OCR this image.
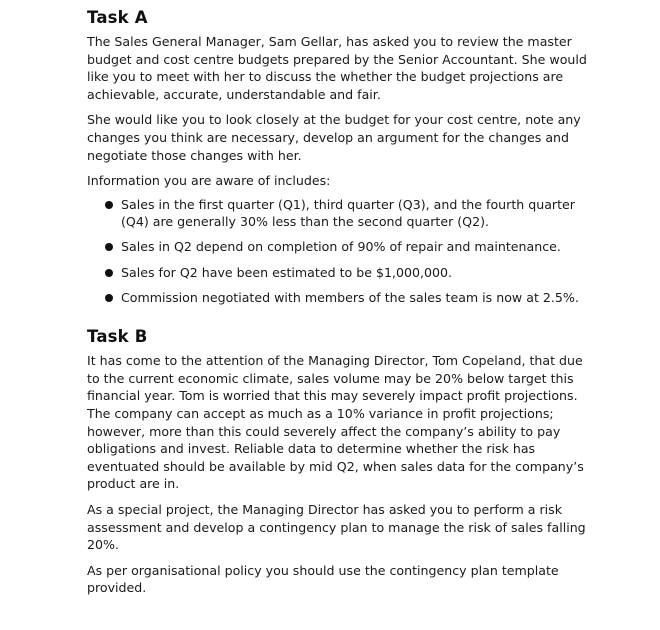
Task A

The Sales General Manager, Sam Gellar, has asked you to review the master budget and cost centre budgets prepared by the Senior Accountant. She would like you to meet with her to discuss the whether the budget projections are achievable, accurate, understandable and fair.

She would like you to look closely at the budget for your cost centre, note any changes you think are necessary, develop an argument for the changes and negotiate those changes with her.

Information you are aware of includes:

Sales in the first quarter (Q1), third quarter (Q3), and the fourth quarter (Q4) are generally 30% less than the second quarter (Q2).
Sales in Q2 depend on completion of 90% of repair and maintenance.
Sales for Q2 have been estimated to be $1,000,000.
Commission negotiated with members of the sales team is now at 2.5%.
Task B

It has come to the attention of the Managing Director, Tom Copeland, that due to the current economic climate, sales volume may be 20% below target this financial year. Tom is worried that this may severely impact profit projections. The company can accept as much as a 10% variance in profit projections; however, more than this could severely affect the company’s ability to pay obligations and invest. Reliable data to determine whether the risk has eventuated should be available by mid Q2, when sales data for the company’s product are in.

As a special project, the Managing Director has asked you to perform a risk assessment and develop a contingency plan to manage the risk of sales falling 20%.

As per organisational policy you should use the contingency plan template provided.
